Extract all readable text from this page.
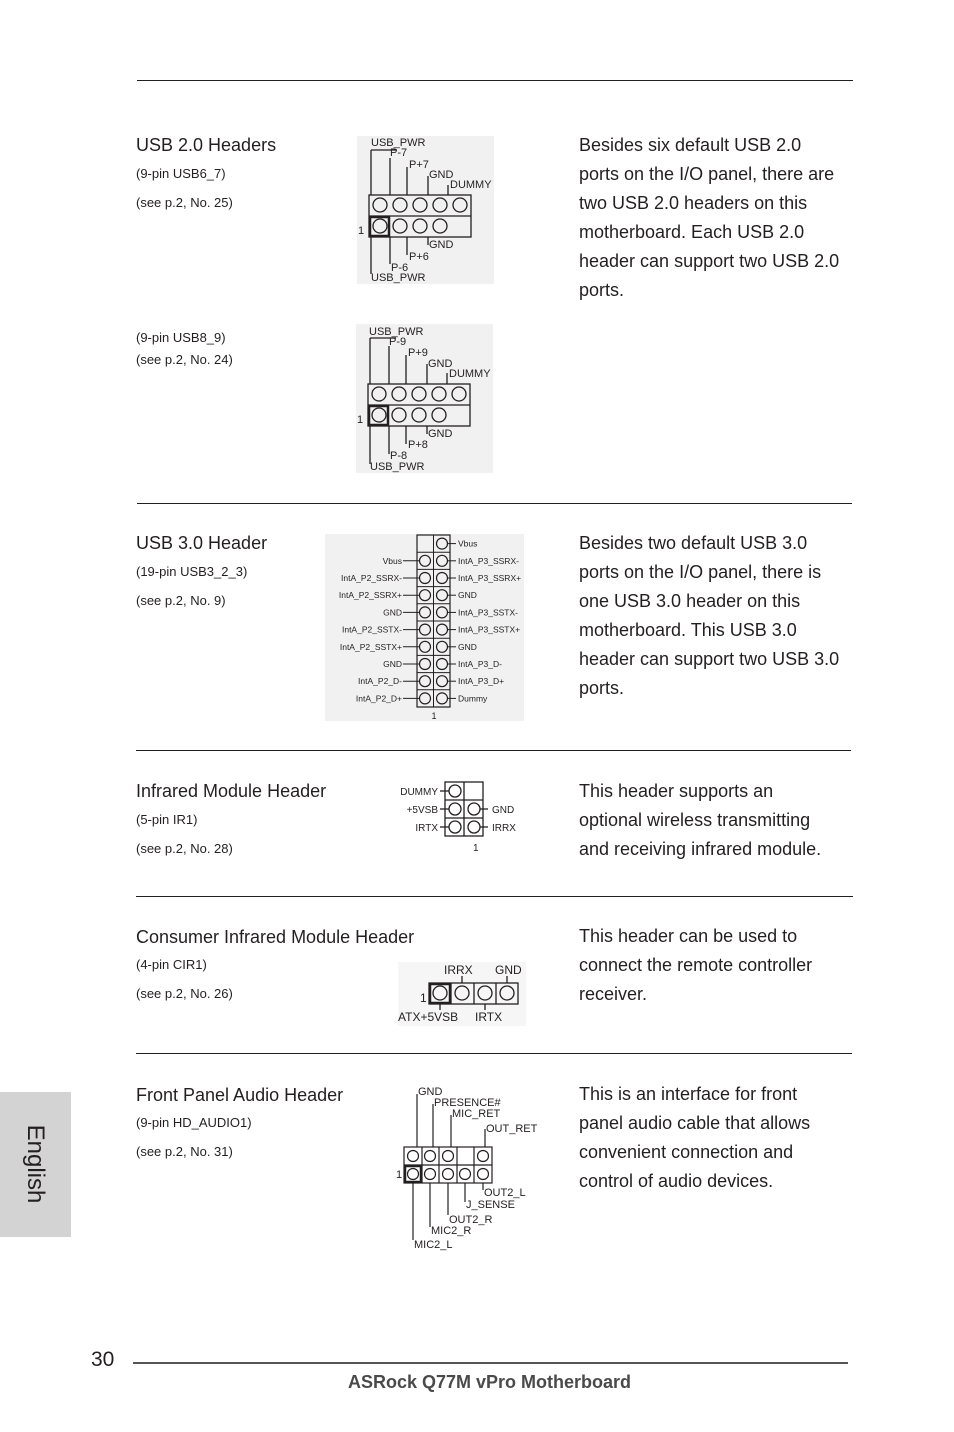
USB 2.0 Headers
(9-pin USB6_7)
(see p.2, No. 25)
(9-pin USB8_9)
(see p.2, No. 24)
Besides six default USB 2.0
ports on the I/O panel, there are
two USB 2.0 headers on this
motherboard. Each USB 2.0
header can support two USB 2.0
ports.
USB_PWR
P-7
P+7
GND
DUMMY
1
GND
P+6
P-6
USB_PWR
USB_PWR
P-9
P+9
GND
DUMMY
1
GND
P+8
P-8
USB_PWR
USB 3.0 Header
(19-pin USB3_2_3)
(see p.2, No. 9)
Besides two default USB 3.0
ports on the I/O panel, there is
one USB 3.0 header on this
motherboard. This USB 3.0
header can support two USB 3.0
ports.
Vbus
IntA_P3_SSRX-
IntA_P3_SSRX+
GND
IntA_P3_SSTX-
IntA_P3_SSTX+
GND
IntA_P3_D-
IntA_P3_D+
Dummy
Vbus
IntA_P2_SSRX-
IntA_P2_SSRX+
GND
IntA_P2_SSTX-
IntA_P2_SSTX+
GND
IntA_P2_D-
IntA_P2_D+
1
Infrared Module Header
(5-pin IR1)
(see p.2, No. 28)
This header supports an
optional wireless transmitting
and receiving infrared module.
DUMMY
+5VSB
IRTX
GND
IRRX
1
Consumer Infrared Module Header
(4-pin CIR1)
(see p.2, No. 26)
This header can be used to
connect the remote controller
receiver.
IRRX GND
1
ATX+5VSB IRTX
Front Panel Audio Header
(9-pin HD_AUDIO1)
(see p.2, No. 31)
This is an interface for front
panel audio cable that allows
convenient connection and
control of audio devices.
GND
PRESENCE#
MIC_RET
OUT_RET
1
OUT2_L
J_SENSE
OUT2_R
MIC2_R
MIC2_L
English
30
ASRock Q77M vPro Motherboard
